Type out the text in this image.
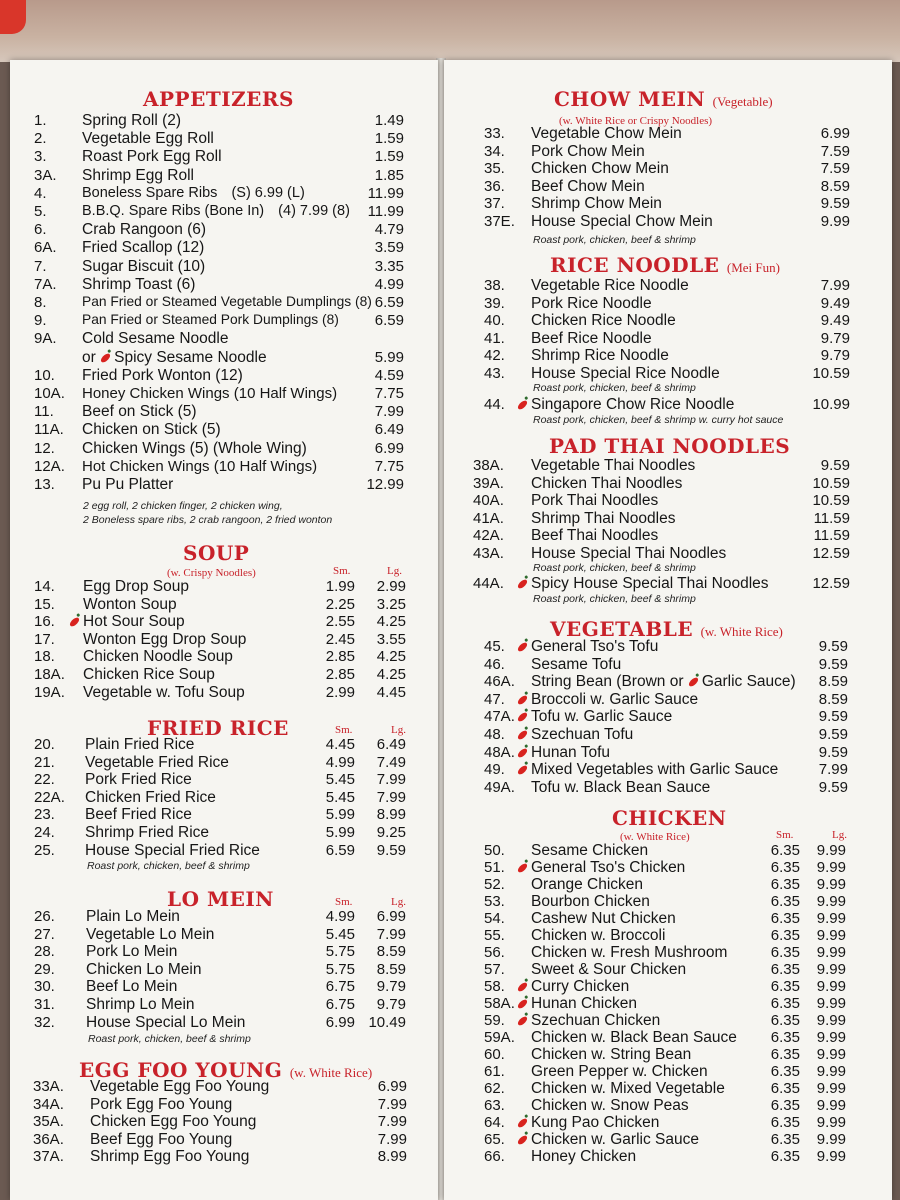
APPETIZERS
1. Spring Roll (2)	1.49
2. Vegetable Egg Roll	1.59
3. Roast Pork Egg Roll	1.59
3A. Shrimp Egg Roll	1.85
4. Boneless Spare Ribs (S) 6.99 (L)	11.99
5. B.B.Q. Spare Ribs (Bone In) (4) 7.99 (8) 11.99
6. Crab Rangoon (6)	4.79
6A. Fried Scallop (12)	3.59
7. Sugar Biscuit (10)	3.35
7A. Shrimp Toast (6)	4.99
8.	Pan Fried or Steamed Vegetable Dumplings (8) 6.59
9.	Pan Fried or Steamed Pork Dumplings (8) 6.59
9A. Cold Sesame Noodle
or Spicy Sesame Noodle	5.99
10. Fried Pork Wonton (12)	4.59
10A. Honey Chicken Wings (10 Half Wings)	7.75
11. Beef on Stick (5)	7.99
11A. Chicken on Stick (5)	6.49
12. Chicken Wings (5) (Whole Wing)	6.99
12A. Hot Chicken Wings (10 Half Wings)	7.75
13. Pu Pu Platter	12.99
2 egg roll, 2 chicken finger, 2 chicken wing,
2 Boneless spare ribs, 2 crab rangoon, 2 fried wonton
SOUP
(w. Crispy Noodles)	Sm.	Lg.
14. Egg Drop Soup	1.99 2.99
15. Wonton Soup	2.25 3.25
16.	Hot Sour Soup	2.55 4.25
17. Wonton Egg Drop Soup	2.45 3.55
18. Chicken Noodle Soup	2.85 4.25
18A. Chicken Rice Soup	2.85 4.25
19A. Vegetable w. Tofu Soup	2.99 4.45
FRIED RICE	Sm.	Lg.
20. Plain Fried Rice	4.45 6.49
21. Vegetable Fried Rice	4.99 7.49
22. Pork Fried Rice	5.45 7.99
22A. Chicken Fried Rice	5.45 7.99
23. Beef Fried Rice	5.99 8.99
24. Shrimp Fried Rice	5.99 9.25
25. House Special Fried Rice	6.59 9.59
Roast pork, chicken, beef & shrimp
LO MEIN	Sm.	Lg.
26. Plain Lo Mein	4.99 6.99
27. Vegetable Lo Mein	5.45 7.99
28. Pork Lo Mein	5.75 8.59
29. Chicken Lo Mein	5.75 8.59
30. Beef Lo Mein	6.75 9.79
31. Shrimp Lo Mein	6.75 9.79
32. House Special Lo Mein	6.99 10.49
Roast pork, chicken, beef & shrimp
EGG FOO YOUNG (w. White Rice)
33A. Vegetable Egg Foo Young	6.99
34A. Pork Egg Foo Young	7.99
35A. Chicken Egg Foo Young	7.99
36A. Beef Egg Foo Young	7.99
37A. Shrimp Egg Foo Young	8.99
CHOW MEIN (Vegetable)
(w. White Rice or Crispy Noodles)
33. Vegetable Chow Mein	6.99
34. Pork Chow Mein	7.59
35. Chicken Chow Mein	7.59
36. Beef Chow Mein	8.59
37. Shrimp Chow Mein	9.59
37E. House Special Chow Mein	9.99
Roast pork, chicken, beef & shrimp
RICE NOODLE (Mei Fun)
38. Vegetable Rice Noodle	7.99
39. Pork Rice Noodle	9.49
40. Chicken Rice Noodle	9.49
41. Beef Rice Noodle	9.79
42. Shrimp Rice Noodle	9.79
43. House Special Rice Noodle	10.59
Roast pork, chicken, beef & shrimp
44.	Singapore Chow Rice Noodle	10.99
Roast pork, chicken, beef & shrimp w. curry hot sauce
PAD THAI NOODLES
38A. Vegetable Thai Noodles	9.59
39A. Chicken Thai Noodles	10.59
40A. Pork Thai Noodles	10.59
41A. Shrimp Thai Noodles	11.59
42A. Beef Thai Noodles	11.59
43A. House Special Thai Noodles	12.59
Roast pork, chicken, beef & shrimp
44A.	Spicy House Special Thai Noodles	12.59
Roast pork, chicken, beef & shrimp
VEGETABLE (w. White Rice)
45.	General Tso's Tofu	9.59
46. Sesame Tofu	9.59
46A. String Bean (Brown or Garlic Sauce) 8.59
47.	Broccoli w. Garlic Sauce	8.59
47A.	Tofu w. Garlic Sauce	9.59
48.	Szechuan Tofu	9.59
48A.	Hunan Tofu	9.59
49.	Mixed Vegetables with Garlic Sauce	7.99
49A. Tofu w. Black Bean Sauce	9.59
CHICKEN
(w. White Rice)	Sm.	Lg.
50. Sesame Chicken	6.35 9.99
51.	General Tso's Chicken	6.35 9.99
52. Orange Chicken	6.35 9.99
53. Bourbon Chicken	6.35 9.99
54. Cashew Nut Chicken	6.35 9.99
55. Chicken w. Broccoli	6.35 9.99
56. Chicken w. Fresh Mushroom	6.35 9.99
57. Sweet & Sour Chicken	6.35 9.99
58.	Curry Chicken	6.35 9.99
58A.	Hunan Chicken	6.35 9.99
59.	Szechuan Chicken	6.35 9.99
59A. Chicken w. Black Bean Sauce 6.35 9.99
60. Chicken w. String Bean	6.35 9.99
61. Green Pepper w. Chicken	6.35 9.99
62. Chicken w. Mixed Vegetable	6.35 9.99
63. Chicken w. Snow Peas	6.35 9.99
64.	Kung Pao Chicken	6.35 9.99
65.	Chicken w. Garlic Sauce	6.35 9.99
66. Honey Chicken	6.35 9.99
